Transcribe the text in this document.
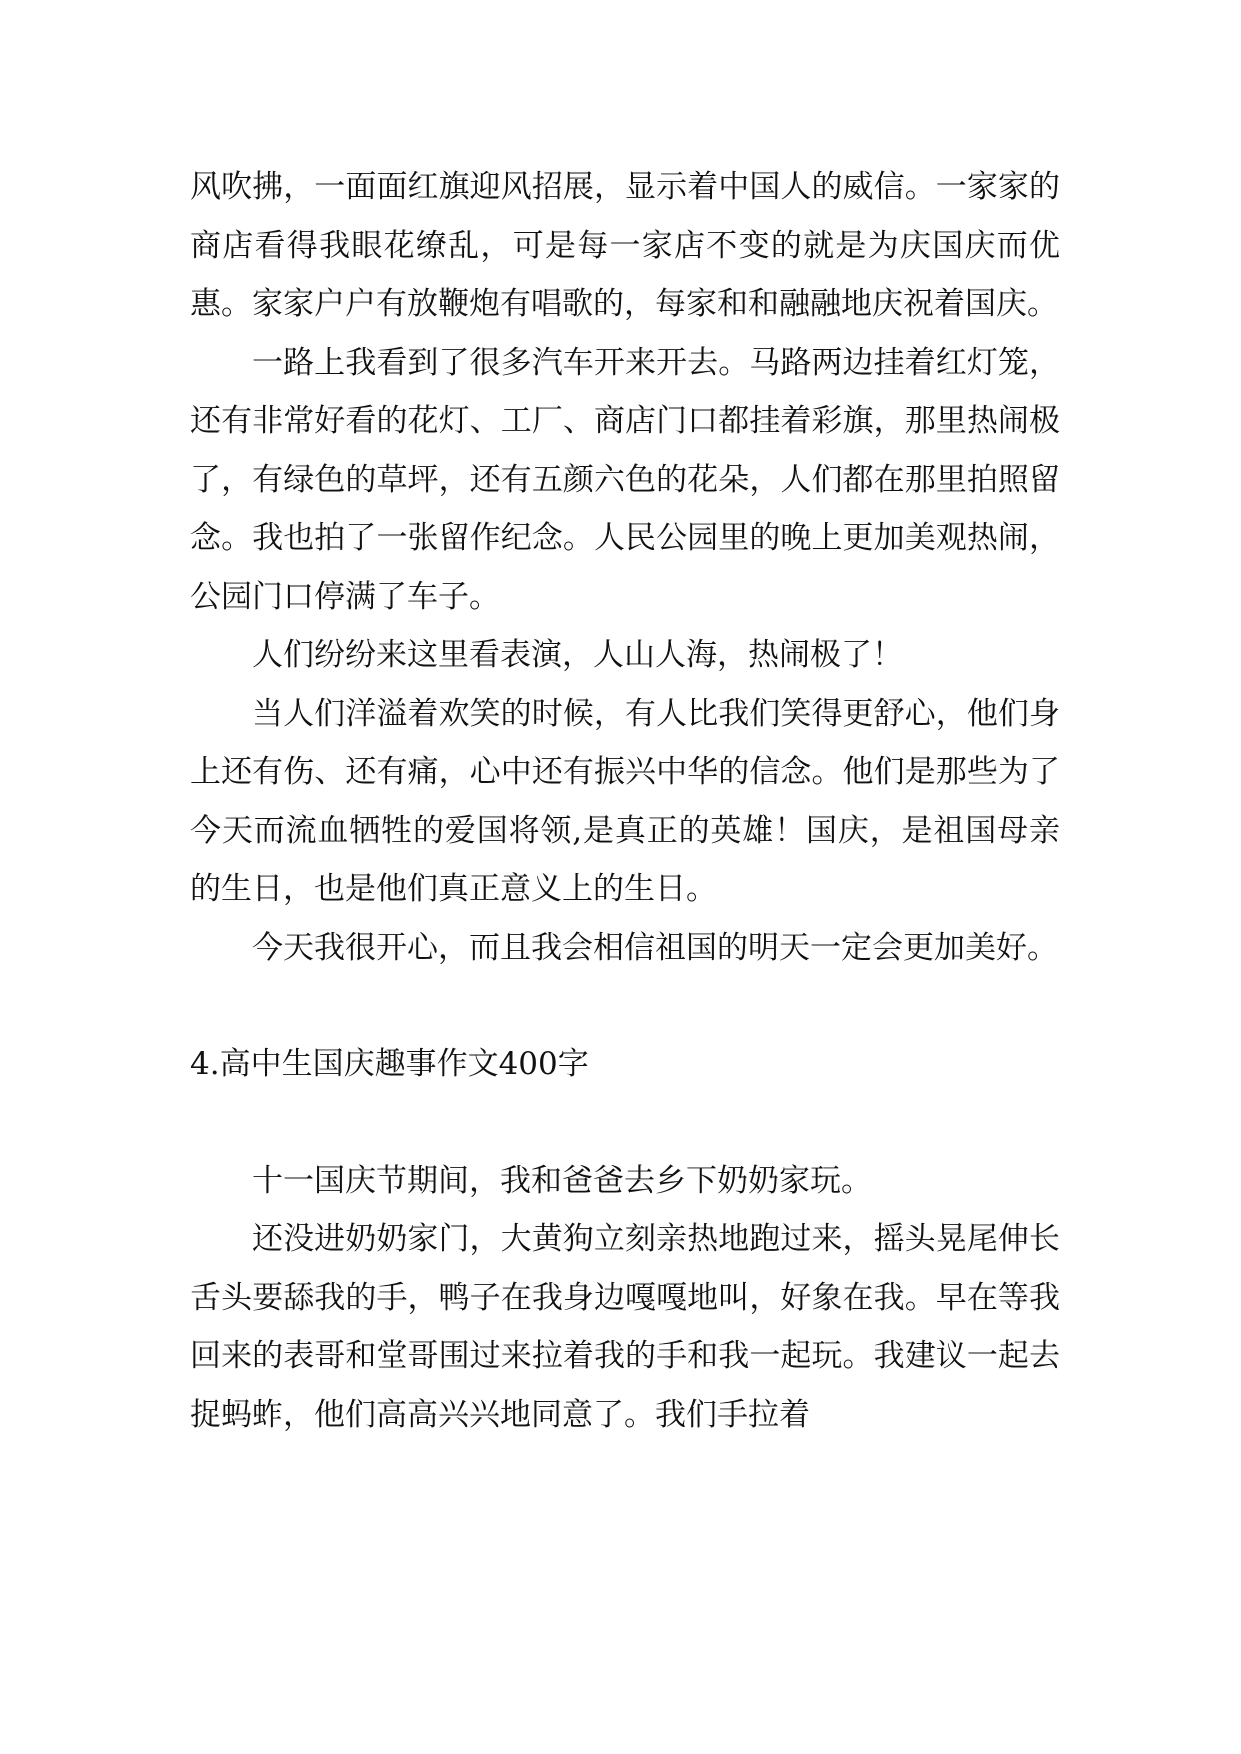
风吹拂，一面面红旗迎风招展，显示着中国人的威信。一家家的商店看得我眼花缭乱，可是每一家店不变的就是为庆国庆而优惠。家家户户有放鞭炮有唱歌的，每家和和融融地庆祝着国庆。

一路上我看到了很多汽车开来开去。马路两边挂着红灯笼，还有非常好看的花灯、工厂、商店门口都挂着彩旗，那里热闹极了，有绿色的草坪，还有五颜六色的花朵，人们都在那里拍照留念。我也拍了一张留作纪念。人民公园里的晚上更加美观热闹，公园门口停满了车子。

人们纷纷来这里看表演，人山人海，热闹极了！

当人们洋溢着欢笑的时候，有人比我们笑得更舒心，他们身上还有伤、还有痛，心中还有振兴中华的信念。他们是那些为了今天而流血牺牲的爱国将领,是真正的英雄！国庆，是祖国母亲的生日，也是他们真正意义上的生日。

今天我很开心，而且我会相信祖国的明天一定会更加美好。

4.高中生国庆趣事作文400字

十一国庆节期间，我和爸爸去乡下奶奶家玩。

还没进奶奶家门，大黄狗立刻亲热地跑过来，摇头晃尾伸长舌头要舔我的手，鸭子在我身边嘎嘎地叫，好象在我。早在等我回来的表哥和堂哥围过来拉着我的手和我一起玩。我建议一起去捉蚂蚱，他们高高兴兴地同意了。我们手拉着
